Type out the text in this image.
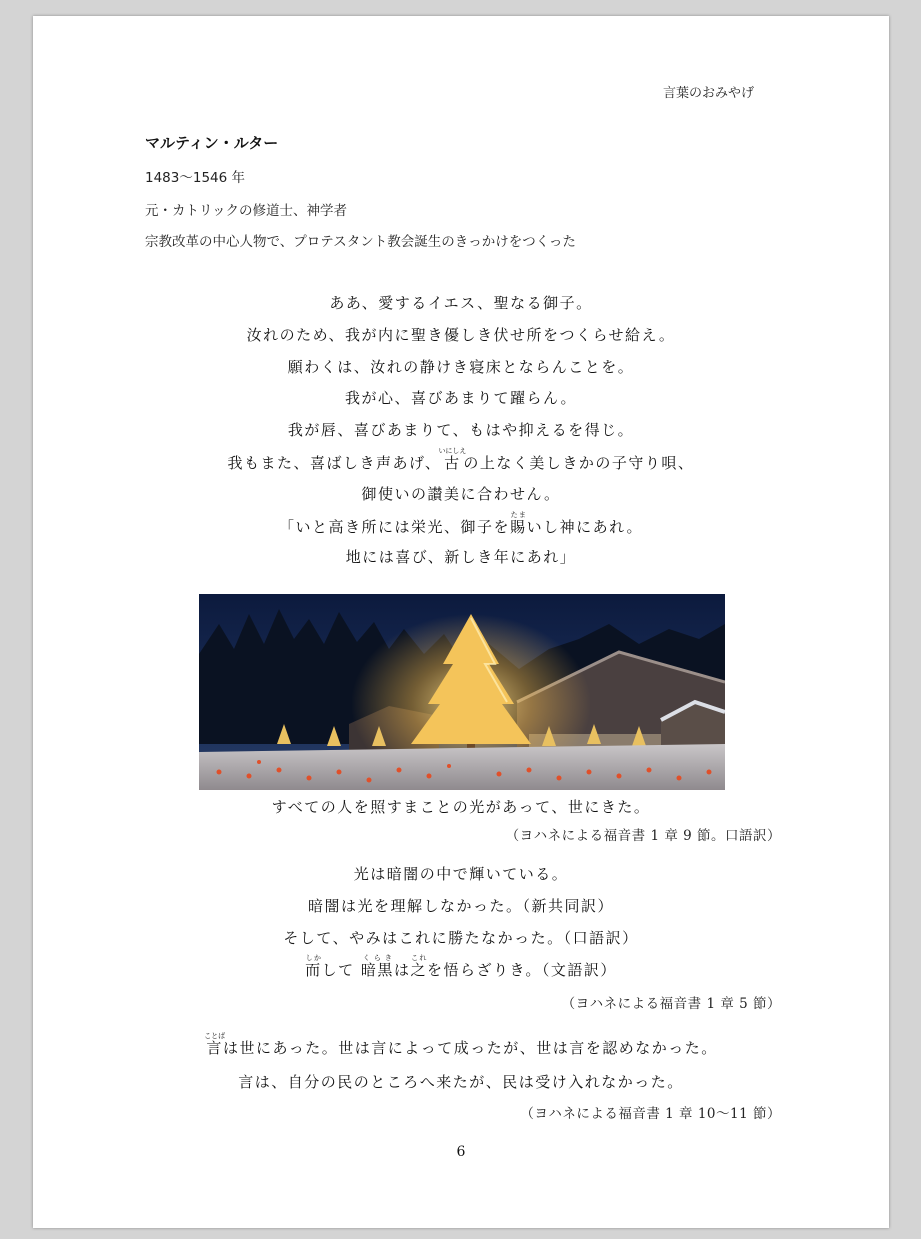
言葉のおみやげ
マルティン・ルター
1483〜1546 年
元・カトリックの修道士、神学者
宗教改革の中心人物で、プロテスタント教会誕生のきっかけをつくった
ああ、愛するイエス、聖なる御子。
汝れのため、我が内に聖き優しき伏せ所をつくらせ給え。
願わくは、汝れの静けき寝床とならんことを。
我が心、喜びあまりて躍らん。
我が唇、喜びあまりて、もはや抑えるを得じ。
我もまた、喜ばしき声あげ、古いにしえの上なく美しきかの子守り唄、
御使いの讃美に合わせん。
「いと高き所には栄光、御子を賜たまいし神にあれ。
地には喜び、新しき年にあれ」
すべての人を照すまことの光があって、世にきた。
（ヨハネによる福音書 1 章 9 節。口語訳）
光は暗闇の中で輝いている。
暗闇は光を理解しなかった。（新共同訳）
そして、やみはこれに勝たなかった。（口語訳）
而しかして 暗黒くらきは之これを悟らざりき。（文語訳）
（ヨハネによる福音書 1 章 5 節）
言ことばは世にあった。世は言によって成ったが、世は言を認めなかった。
言は、自分の民のところへ来たが、民は受け入れなかった。
（ヨハネによる福音書 1 章 10〜11 節）
6
